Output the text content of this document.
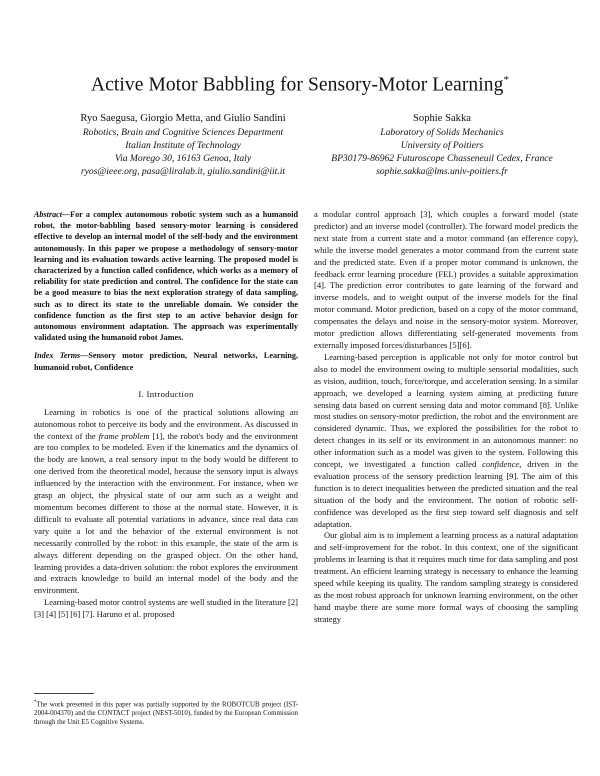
Active Motor Babbling for Sensory-Motor Learning*
Ryo Saegusa, Giorgio Metta, and Giulio Sandini
Robotics, Brain and Cognitive Sciences Department
Italian Institute of Technology
Via Morego 30, 16163 Genoa, Italy
ryos@ieee.org, pasa@liralab.it, giulio.sandini@iit.it
Sophie Sakka
Laboratory of Solids Mechanics
University of Poitiers
BP30179-86962 Futuroscope Chasseneuil Cedex, France
sophie.sakka@lms.univ-poitiers.fr
Abstract—For a complex autonomous robotic system such as a humanoid robot, the motor-babbling based sensory-motor learning is considered effective to develop an internal model of the self-body and the environment autonomously. In this paper we propose a methodology of sensory-motor learning and its evaluation towards active learning. The proposed model is characterized by a function called confidence, which works as a memory of reliability for state prediction and control. The confidence for the state can be a good measure to bias the next exploration strategy of data sampling, such as to direct its state to the unreliable domain. We consider the confidence function as the first step to an active behavior design for autonomous environment adaptation. The approach was experimentally validated using the humanoid robot James.
Index Terms—Sensory motor prediction, Neural networks, Learning, humanoid robot, Confidence
I. Introduction

Learning in robotics is one of the practical solutions allowing an autonomous robot to perceive its body and the environment. As discussed in the context of the frame problem [1], the robot's body and the environment are too complex to be modeled. Even if the kinematics and the dynamics of the body are known, a real sensory input to the body would be different to one derived from the theoretical model, because the sensory input is always influenced by the interaction with the environment. For instance, when we grasp an object, the physical state of our arm such as a weight and momentum becomes different to those at the normal state. However, it is difficult to evaluate all potential variations in advance, since real data can vary quite a lot and the behavior of the external environment is not necessarily controlled by the robot: in this example, the state of the arm is always different depending on the grasped object. On the other hand, learning provides a data-driven solution: the robot explores the environment and extracts knowledge to build an internal model of the body and the environment.

Learning-based motor control systems are well studied in the literature [2] [3] [4] [5] [6] [7]. Haruno et al. proposed

*The work presented in this paper was partially supported by the ROBOTCUB project (IST-2004-004370) and the CONTACT project (NEST-5010), funded by the European Commission through the Unit E5 Cognitive Systems.

a modular control approach [3], which couples a forward model (state predictor) and an inverse model (controller). The forward model predicts the next state from a current state and a motor command (an efference copy), while the inverse model generates a motor command from the current state and the predicted state. Even if a proper motor command is unknown, the feedback error learning procedure (FEL) provides a suitable approximation [4]. The prediction error contributes to gate learning of the forward and inverse models, and to weight output of the inverse models for the final motor command. Motor prediction, based on a copy of the motor command, compensates the delays and noise in the sensory-motor system. Moreover, motor prediction allows differentiating self-generated movements from externally imposed forces/disturbances [5][6].

Learning-based perception is applicable not only for motor control but also to model the environment owing to multiple sensorial modalities, such as vision, audition, touch, force/torque, and acceleration sensing. In a similar approach, we developed a learning system aiming at predicting future sensing data based on current sensing data and motor command [8]. Unlike most studies on sensory-motor prediction, the robot and the environment are considered dynamic. Thus, we explored the possibilities for the robot to detect changes in its self or its environment in an autonomous manner: no other information such as a model was given to the system. Following this concept, we investigated a function called confidence, driven in the evaluation process of the sensory prediction learning [9]. The aim of this function is to detect inequalities between the predicted situation and the real situation of the body and the environment. The notion of robotic self-confidence was developed as the first step toward self diagnosis and self adaptation.

Our global aim is to implement a learning process as a natural adaptation and self-improvement for the robot. In this context, one of the significant problems in learning is that it requires much time for data sampling and post treatment. An efficient learning strategy is necessary to enhance the learning speed while keeping its quality. The random sampling strategy is considered as the most robust approach for unknown learning environment, on the other hand maybe there are some more formal ways of choosing the sampling strategy
